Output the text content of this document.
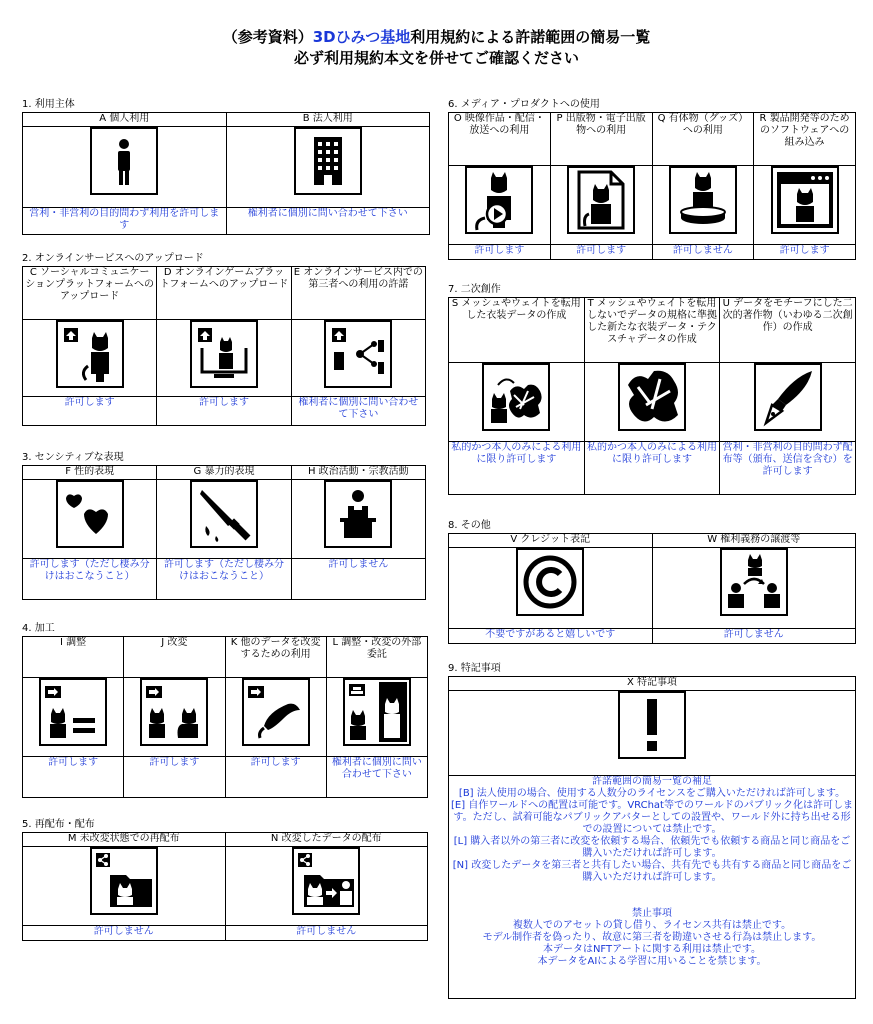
（参考資料）3Dひみつ基地利用規約による許諾範囲の簡易一覧
必ず利用規約本文を併せてご確認ください
1. 利用主体
A 個人利用	B 法人利用

営利・非営利の目的問わず利用を許可します	権利者に個別に問い合わせて下さい
2. オンラインサービスへのアップロード
C ソーシャルコミュニケーションプラットフォームへのアップロード	D オンラインゲームプラットフォームへのアップロード	E オンラインサービス内での第三者への利用の許諾

許可します	許可します	権利者に個別に問い合わせて下さい
3. センシティブな表現
F 性的表現	G 暴力的表現	H 政治活動・宗教活動

許可します（ただし棲み分けはおこなうこと）	許可します（ただし棲み分けはおこなうこと）	許可しません
4. 加工
I 調整	J 改変	K 他のデータを改変するための利用	L 調整・改変の外部委託

許可します	許可します	許可します	権利者に個別に問い合わせて下さい
5. 再配布・配布
M 未改変状態での再配布	N 改変したデータの配布

許可しません	許可しません
6. メディア・プロダクトへの使用
O 映像作品・配信・放送への利用	P 出版物・電子出版物への利用	Q 有体物（グッズ）への利用	R 製品開発等のためのソフトウェアへの組み込み

許可します	許可します	許可しません	許可します
7. 二次創作
S メッシュやウェイトを転用した衣装データの作成	T メッシュやウェイトを転用しないでデータの規格に準拠した新たな衣装データ・テクスチャデータの作成	U データをモチーフにした二次的著作物（いわゆる二次創作）の作成

私的かつ本人のみによる利用に限り許可します	私的かつ本人のみによる利用に限り許可します	営利・非営利の目的問わず配布等（頒布、送信を含む）を許可します
8. その他
V クレジット表記	W 権利義務の譲渡等

不要ですがあると嬉しいです	許可しません
9. 特記事項
X 特記事項

許諾範囲の簡易一覧の補足
[B] 法人使用の場合、使用する人数分のライセンスをご購入いただければ許可します。
[E] 自作ワールドへの配置は可能です。VRChat等でのワールドのパブリック化は許可します。ただし、試着可能なパブリックアバターとしての設置や、ワールド外に持ち出せる形での設置については禁止です。
[L] 購入者以外の第三者に改変を依頼する場合、依頼先でも依頼する商品と同じ商品をご購入いただければ許可します。
[N] 改変したデータを第三者と共有したい場合、共有先でも共有する商品と同じ商品をご購入いただければ許可します。
禁止事項
複数人でのアセットの貸し借り、ライセンス共有は禁止です。
モデル制作者を偽ったり、故意に第三者を勘違いさせる行為は禁止します。
本データはNFTアートに関する利用は禁止です。
本データをAIによる学習に用いることを禁じます。
